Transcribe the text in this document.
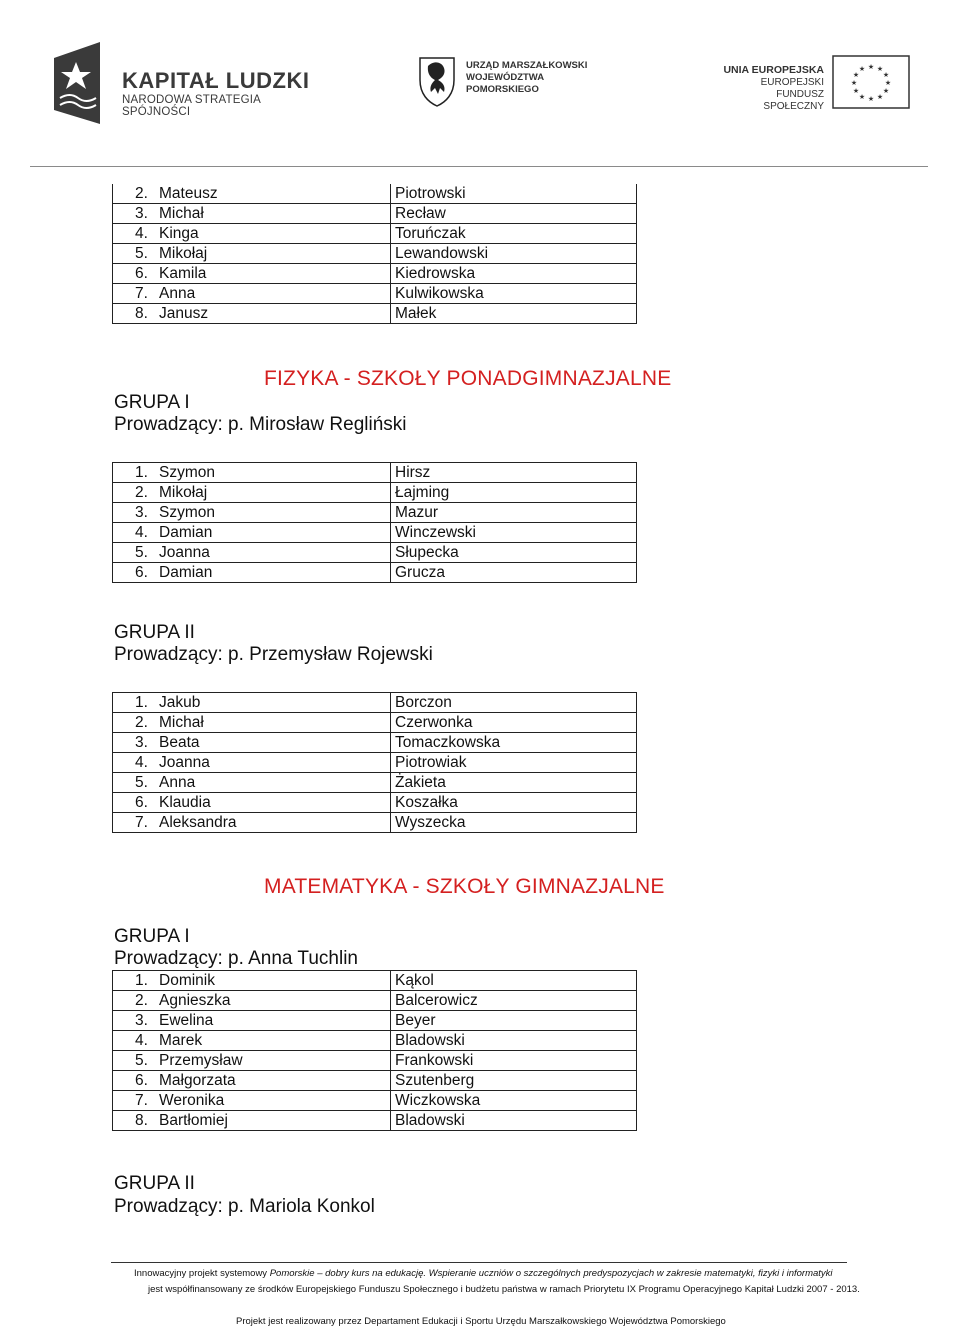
KAPITAŁ LUDZKI
NARODOWA STRATEGIA SPÓJNOŚCI
URZĄD MARSZAŁKOWSKI
WOJEWÓDZTWA POMORSKIEGO
UNIA EUROPEJSKA
EUROPEJSKI
FUNDUSZ SPOŁECZNY
★ ★
★
★
★
★
★
★
★
★
★
★
2. Mateusz	Piotrowski
3. Michał	Recław
4. Kinga	Toruńczak
5. Mikołaj	Lewandowski
6. Kamila	Kiedrowska
7. Anna	Kulwikowska
8. Janusz	Małek
FIZYKA - SZKOŁY PONADGIMNAZJALNE
GRUPA I
Prowadzący: p. Mirosław Regliński
1. Szymon	Hirsz
2. Mikołaj	Łajming
3. Szymon	Mazur
4. Damian	Winczewski
5. Joanna	Słupecka
6. Damian	Grucza
GRUPA II
Prowadzący: p. Przemysław Rojewski
1. Jakub	Borczon
2. Michał	Czerwonka
3. Beata	Tomaczkowska
4. Joanna	Piotrowiak
5. Anna	Żakieta
6. Klaudia	Koszałka
7. Aleksandra	Wyszecka
MATEMATYKA - SZKOŁY GIMNAZJALNE
GRUPA I
Prowadzący: p. Anna Tuchlin
1. Dominik	Kąkol
2. Agnieszka	Balcerowicz
3. Ewelina	Beyer
4. Marek	Bladowski
5. Przemysław	Frankowski
6. Małgorzata	Szutenberg
7. Weronika	Wiczkowska
8. Bartłomiej	Bladowski
GRUPA II
Prowadzący: p. Mariola Konkol
Innowacyjny projekt systemowy Pomorskie – dobry kurs na edukację. Wspieranie uczniów o szczególnych predyspozycjach w zakresie matematyki, fizyki i informatyki
jest współfinansowany ze środków Europejskiego Funduszu Społecznego i budżetu państwa w ramach Priorytetu IX Programu Operacyjnego Kapitał Ludzki 2007 - 2013.
Projekt jest realizowany przez Departament Edukacji i Sportu Urzędu Marszałkowskiego Województwa Pomorskiego
